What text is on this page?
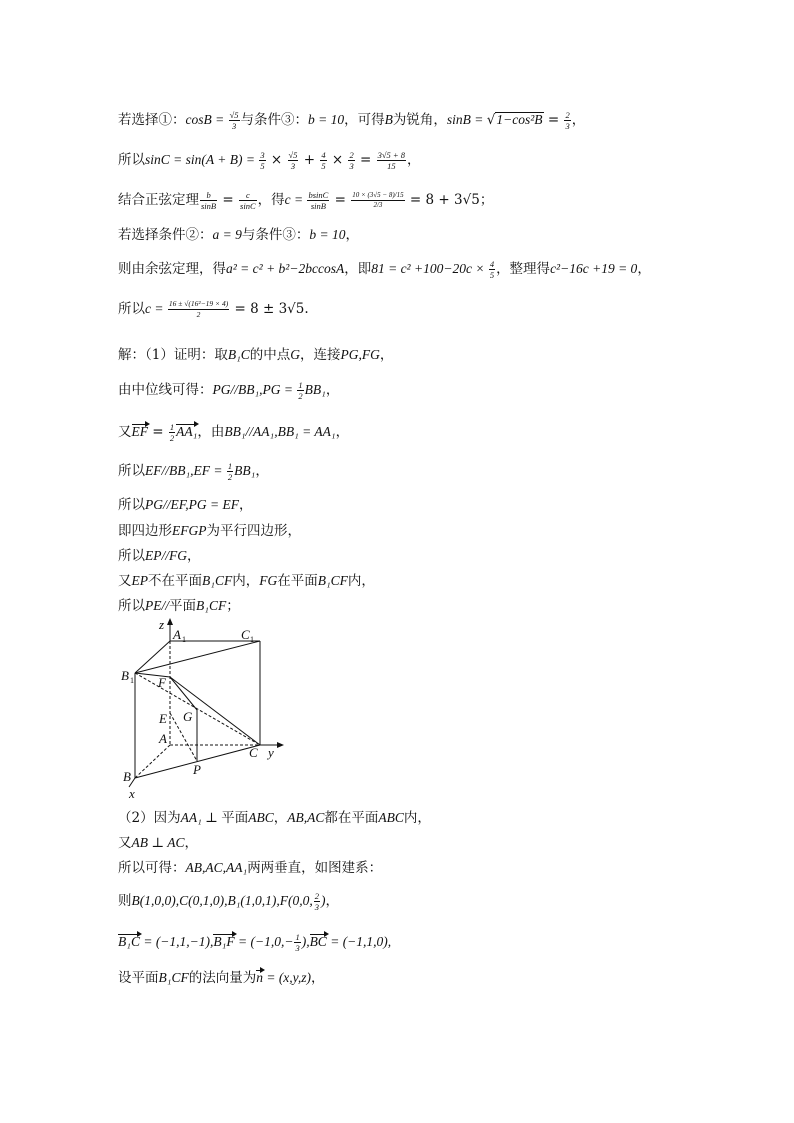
若选择①：$\cos B = \frac{√5}{3}$ 与条件③：b = 10，可得B为锐角，$\sin B = √1-\cos^2B = \frac{2}{3}$ ，
所以$\sin C = \sin(A + B) = \frac{3}{5} \times \frac{√5}{3} + \frac{4}{5} \times \frac{2}{3} = \frac{3√5 + 8}{15}$ ，
结合正弦定理 $\frac{b}{\sin B} = \frac{c}{\sin C}$ ，得$c = \frac{bsinC}{\sin B} = \frac{10 \times (3√5 - 8)/15}{2/3} = 8 + 3√5$；
若选择条件②：a = 9与条件③：b = 10，
则由余弦定理，得a² = c² + b²−2bccosA，即$81 = c^2 +100-20c \times \frac{4}{5}$ ，整理得c²−16c +19 = 0，
所以$c = \frac{\text{16 ± √(16²−19 × 4)}}{2} = 8 \pm 3√5$.
解：（1）证明：取B₁C的中点G，连接PG,FG，
由中位线可得：$PG//BB_1,PG = \frac{1}{2} BB_1$，
又EF = $\frac{1}{2} AA_1$，由BB₁//AA₁,BB₁ = AA₁，
所以$EF//BB_1,EF = \frac{1}{2} BB_1$，
所以PG//EF,PG = EF，
即四边形EFGP为平行四边形，
所以EP//FG，
又EP不在平面B₁CF内，FG在平面B₁CF内，
所以PE//平面B₁CF；
z
A 1	C 1
B 1 F
G
E
A
C y
B	P
x
（2）因为AA₁ ⊥ 平面ABC，AB,AC都在平面ABC内，
又AB ⊥ AC，
所以可得：AB,AC,AA₁两两垂直，如图建系：
则B(1,0,0),C(0,1,0),B₁(1,0,1),F(0,0, $\frac{2}{3}$ )，
$B_1C = (-1,1,-1),B_1F = (-1,0,- \frac{1}{3} ),BC = (-1,1,0)$,
设平面B₁CF的法向量为n = (x,y,z)，
